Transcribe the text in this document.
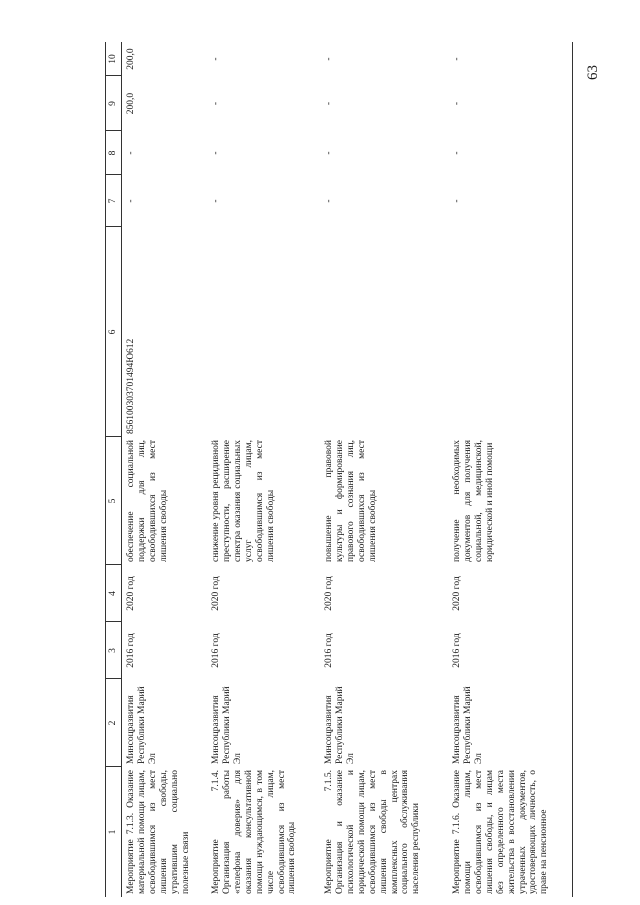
63
1	2	3	4	5	6	7	8	9	10
Мероприятие 7.1.3. Оказание материальной помощи лицам, освободившимся из мест лишения свободы, утратившим социально полезные связи	Минсоцразвития Республики Марий Эл	2016 год	2020 год	обеспечение социальной поддержки для лиц, освободившихся из мест лишения свободы	856100303701494Ю612	-	-	200,0	200,0
Мероприятие 7.1.4. Организация работы «телефона доверия» для оказания консультативной помощи нуждающимся, в том числе лицам, освободившимся из мест лишения свободы	Минсоцразвития Республики Марий Эл	2016 год	2020 год	снижение уровня рецидивной преступности, расширение спектра оказания социальных услуг лицам, освободившимся из мест лишения свободы		-	-	-	-
Мероприятие 7.1.5. Организация и оказание психологической и юридической помощи лицам, освободившимся из мест лишения свободы в комплексных центрах социального обслуживания населения республики	Минсоцразвития Республики Марий Эл	2016 год	2020 год	повышение правовой культуры и формирование правового сознания лиц, освободившихся из мест лишения свободы		-	-	-	-
Мероприятие 7.1.6. Оказание помощи лицам, освободившимся из мест лишения свободы, и лицам без определенного места жительства в восстановлении утраченных документов, удостоверяющих личность, о праве на пенсионное	Минсоцразвития Республики Марий Эл	2016 год	2020 год	получение необходимых документов для получения социальной, медицинской, юридической и иной помощи		-	-	-	-
